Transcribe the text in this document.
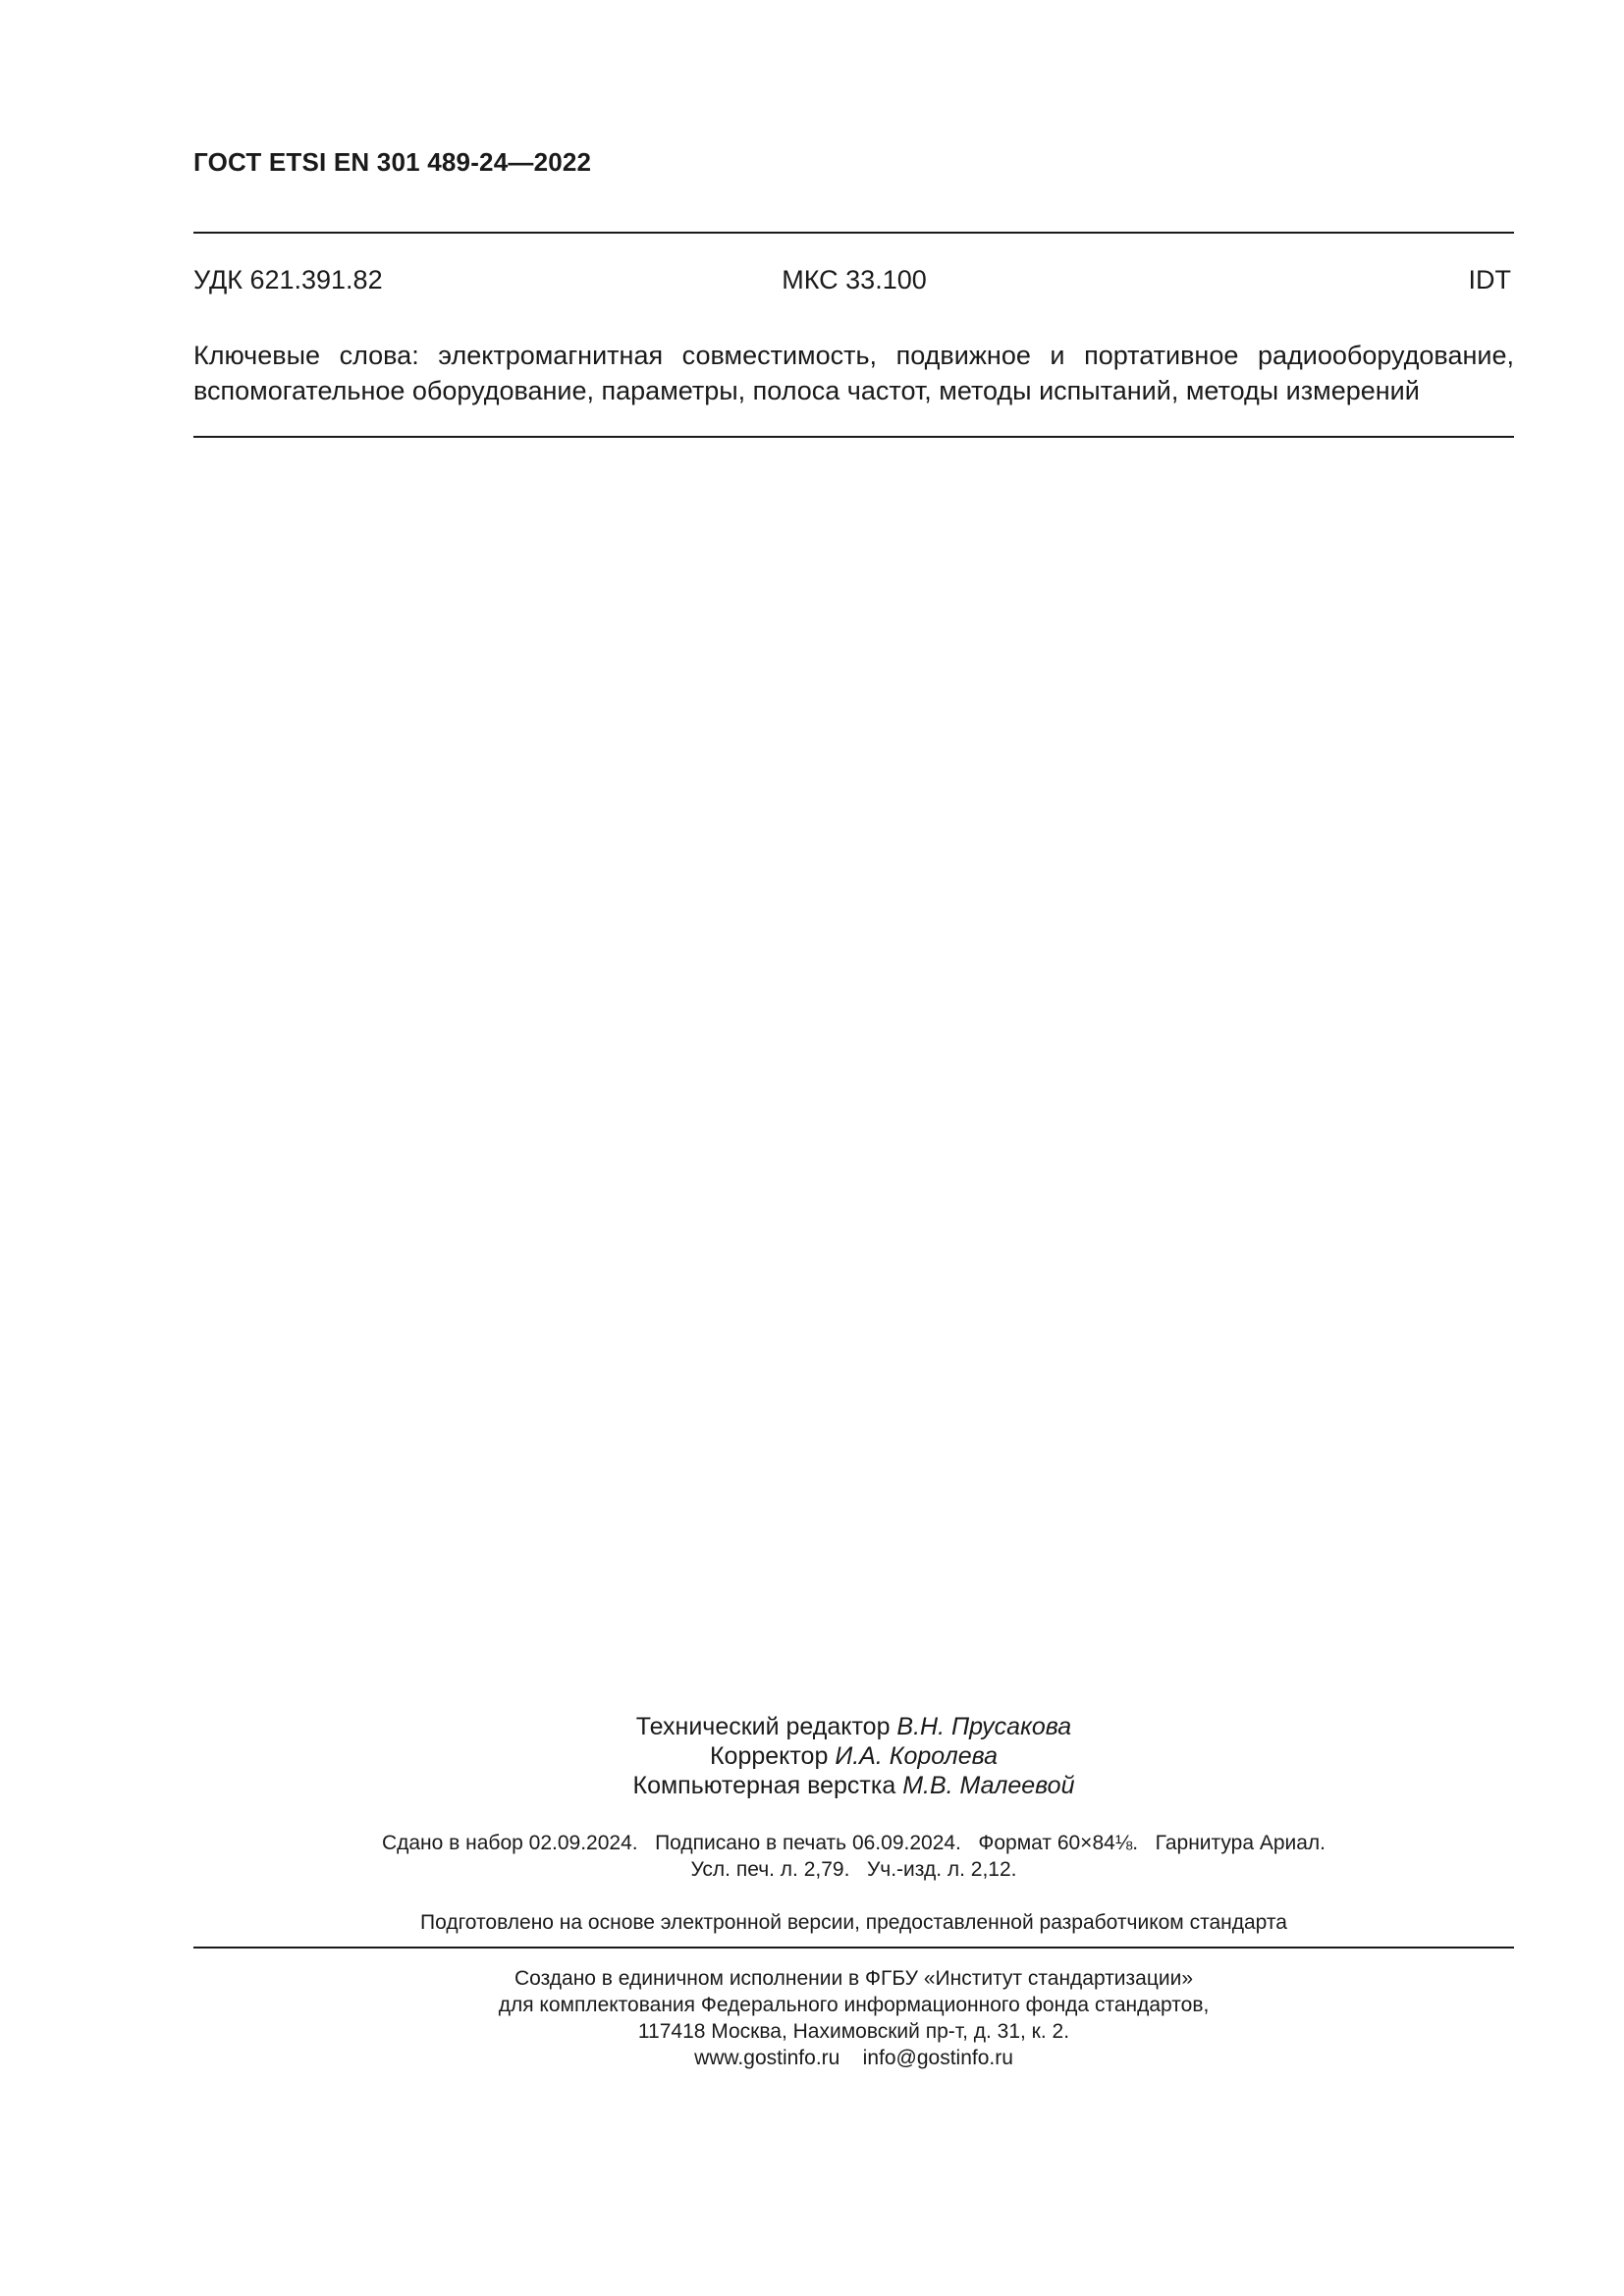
ГОСТ ETSI EN 301 489-24—2022
УДК 621.391.82	МКС 33.100	IDT
Ключевые слова: электромагнитная совместимость, подвижное и портативное радиооборудование,
вспомогательное оборудование, параметры, полоса частот, методы испытаний, методы измерений
Технический редактор В.Н. Прусакова
Корректор И.А. Королева
Компьютерная верстка М.В. Малеевой
Сдано в набор 02.09.2024.   Подписано в печать 06.09.2024.   Формат 60×84⅛.   Гарнитура Ариал.
Усл. печ. л. 2,79.   Уч.-изд. л. 2,12.
Подготовлено на основе электронной версии, предоставленной разработчиком стандарта
Создано в единичном исполнении в ФГБУ «Институт стандартизации»
для комплектования Федерального информационного фонда стандартов,
117418 Москва, Нахимовский пр-т, д. 31, к. 2.
www.gostinfo.ru    info@gostinfo.ru
